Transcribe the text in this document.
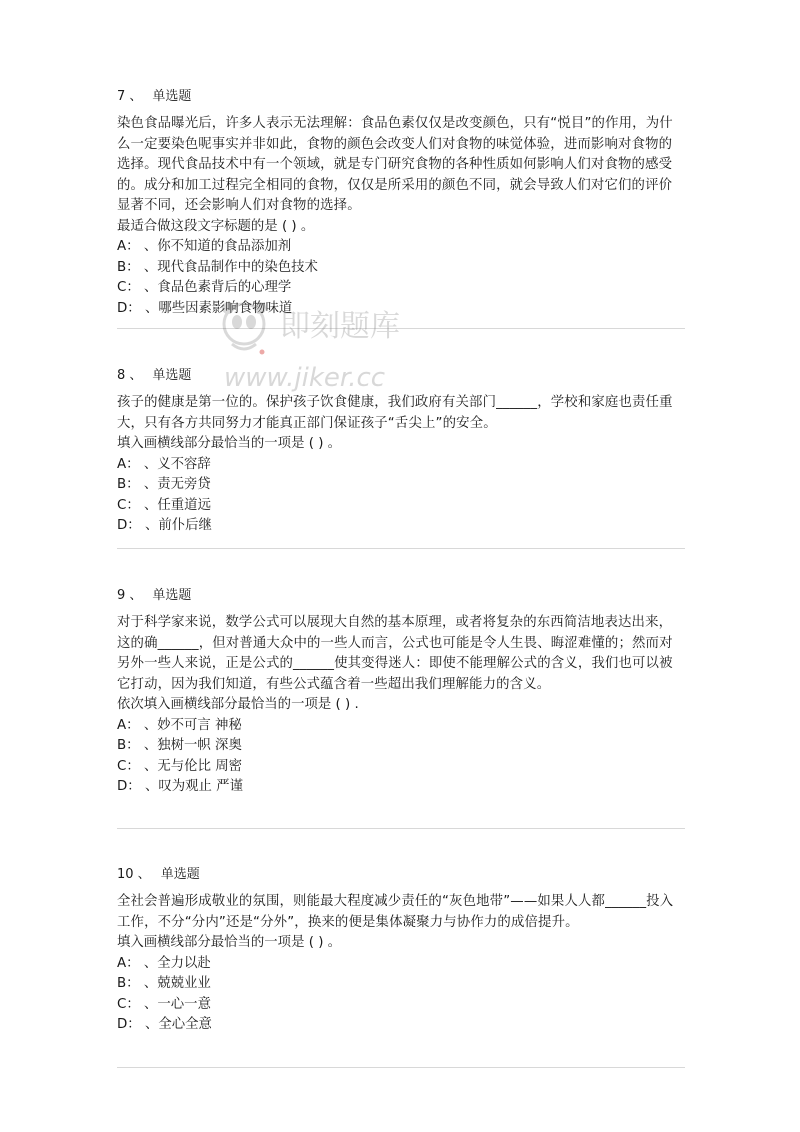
7 、 单选题
染色食品曝光后，许多人表示无法理解：食品色素仅仅是改变颜色，只有“悦目”的作用，为什么一定要染色呢事实并非如此，食物的颜色会改变人们对食物的味觉体验，进而影响对食物的选择。现代食品技术中有一个领域，就是专门研究食物的各种性质如何影响人们对食物的感受的。成分和加工过程完全相同的食物，仅仅是所采用的颜色不同，就会导致人们对它们的评价显著不同，还会影响人们对食物的选择。
最适合做这段文字标题的是 ( ) 。
A： 、你不知道的食品添加剂
B： 、现代食品制作中的染色技术
C： 、食品色素背后的心理学
D： 、哪些因素影响食物味道
8 、 单选题
孩子的健康是第一位的。保护孩子饮食健康，我们政府有关部门______，学校和家庭也责任重大，只有各方共同努力才能真正部门保证孩子“舌尖上”的安全。
填入画横线部分最恰当的一项是 ( ) 。
A： 、义不容辞
B： 、责无旁贷
C： 、任重道远
D： 、前仆后继
9 、 单选题
对于科学家来说，数学公式可以展现大自然的基本原理，或者将复杂的东西简洁地表达出来，这的确______，但对普通大众中的一些人而言，公式也可能是令人生畏、晦涩难懂的；然而对另外一些人来说，正是公式的______使其变得迷人：即使不能理解公式的含义，我们也可以被它打动，因为我们知道，有些公式蕴含着一些超出我们理解能力的含义。
依次填入画横线部分最恰当的一项是 ( ) .
A： 、妙不可言 神秘
B： 、独树一帜 深奥
C： 、无与伦比 周密
D： 、叹为观止 严谨
10 、 单选题
全社会普遍形成敬业的氛围，则能最大程度减少责任的“灰色地带”——如果人人都______投入工作，不分“分内”还是“分外”，换来的便是集体凝聚力与协作力的成倍提升。
填入画横线部分最恰当的一项是 ( ) 。
A： 、全力以赴
B： 、兢兢业业
C： 、一心一意
D： 、全心全意
即刻题库
www.jiker.cc
